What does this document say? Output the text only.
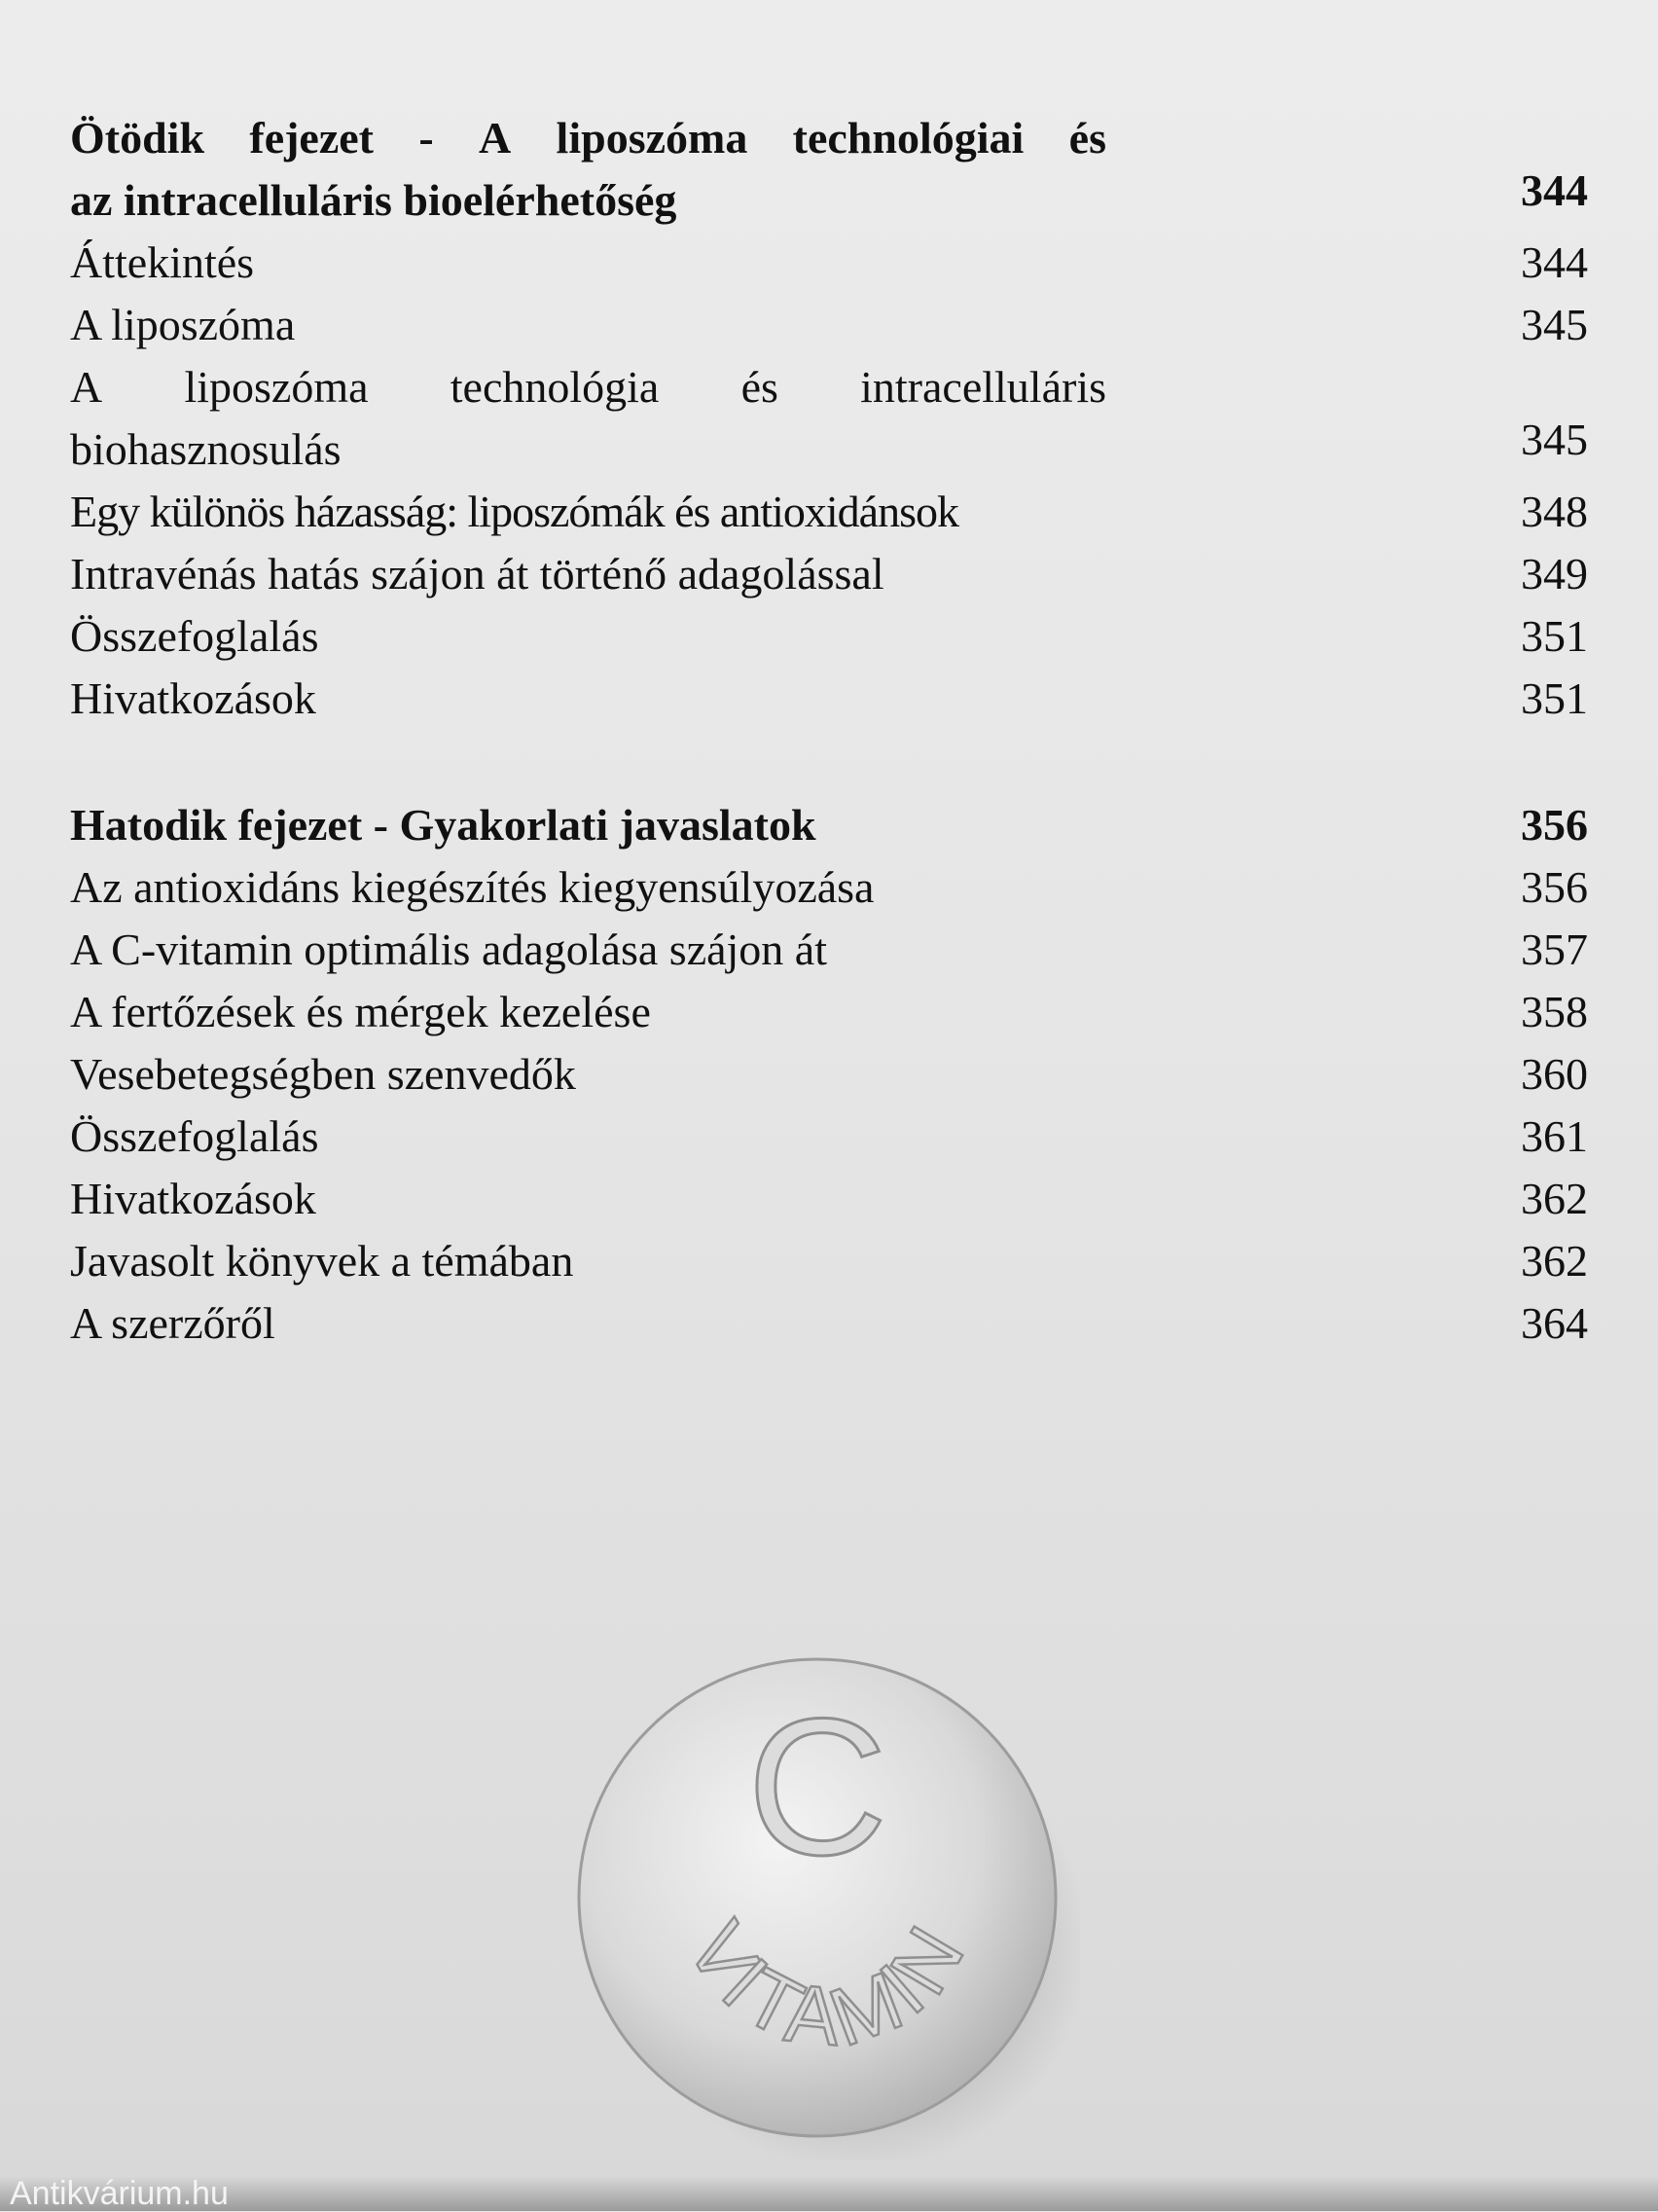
Ötödik fejezet - A liposzóma technológiai és
az intracelluláris bioelérhetőség	344
Áttekintés	344
A liposzóma	345
A liposzóma technológia és intracelluláris
biohasznosulás	345
Egy különös házasság: liposzómák és antioxidánsok	348
Intravénás hatás szájon át történő adagolással	349
Összefoglalás	351
Hivatkozások	351
Hatodik fejezet - Gyakorlati javaslatok	356
Az antioxidáns kiegészítés kiegyensúlyozása	356
A C-vitamin optimális adagolása szájon át	357
A fertőzések és mérgek kezelése	358
Vesebetegségben szenvedők	360
Összefoglalás	361
Hivatkozások	362
Javasolt könyvek a témában	362
A szerzőről	364
C
VITAMIN
Antikvárium.hu
